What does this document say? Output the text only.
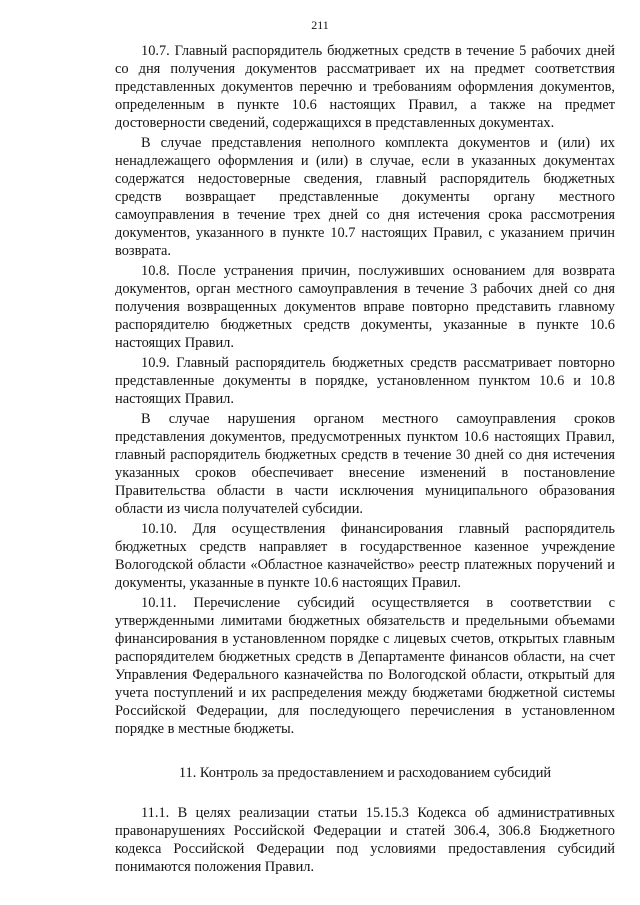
211

10.7. Главный распорядитель бюджетных средств в течение 5 рабочих дней со дня получения документов рассматривает их на предмет соответствия представленных документов перечню и требованиям оформления документов, определенным в пункте 10.6 настоящих Правил, а также на предмет достоверности сведений, содержащихся в представленных документах.

В случае представления неполного комплекта документов и (или) их ненадлежащего оформления и (или) в случае, если в указанных документах содержатся недостоверные сведения, главный распорядитель бюджетных средств возвращает представленные документы органу местного самоуправления в течение трех дней со дня истечения срока рассмотрения документов, указанного в пункте 10.7 настоящих Правил, с указанием причин возврата.

10.8. После устранения причин, послуживших основанием для возврата документов, орган местного самоуправления в течение 3 рабочих дней со дня получения возвращенных документов вправе повторно представить главному распорядителю бюджетных средств документы, указанные в пункте 10.6 настоящих Правил.

10.9. Главный распорядитель бюджетных средств рассматривает повторно представленные документы в порядке, установленном пунктом 10.6 и 10.8 настоящих Правил.

В случае нарушения органом местного самоуправления сроков представления документов, предусмотренных пунктом 10.6 настоящих Правил, главный распорядитель бюджетных средств в течение 30 дней со дня истечения указанных сроков обеспечивает внесение изменений в постановление Правительства области в части исключения муниципального образования области из числа получателей субсидии.

10.10. Для осуществления финансирования главный распорядитель бюджетных средств направляет в государственное казенное учреждение Вологодской области «Областное казначейство» реестр платежных поручений и документы, указанные в пункте 10.6 настоящих Правил.

10.11. Перечисление субсидий осуществляется в соответствии с утвержденными лимитами бюджетных обязательств и предельными объемами финансирования в установленном порядке с лицевых счетов, открытых главным распорядителем бюджетных средств в Департаменте финансов области, на счет Управления Федерального казначейства по Вологодской области, открытый для учета поступлений и их распределения между бюджетами бюджетной системы Российской Федерации, для последующего перечисления в установленном порядке в местные бюджеты.

11. Контроль за предоставлением и расходованием субсидий

11.1. В целях реализации статьи 15.15.3 Кодекса об административных правонарушениях Российской Федерации и статей 306.4, 306.8 Бюджетного кодекса Российской Федерации под условиями предоставления субсидий понимаются положения Правил.
